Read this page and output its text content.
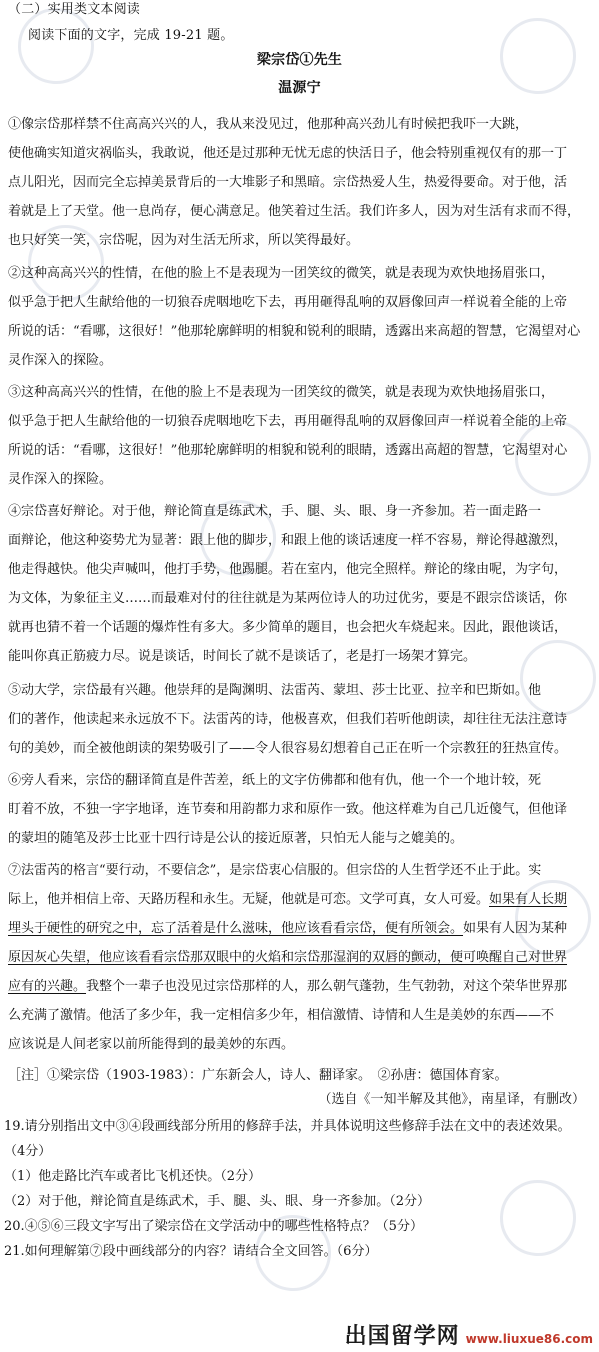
（二）实用类文本阅读
阅读下面的文字，完成 19-21 题。
梁宗岱①先生
温源宁
①像宗岱那样禁不住高高兴兴的人，我从来没见过，他那种高兴劲儿有时候把我吓一大跳，
使他确实知道灾祸临头，我敢说，他还是过那种无忧无虑的快活日子，他会特别重视仅有的那一丁
点儿阳光，因而完全忘掉美景背后的一大堆影子和黑暗。宗岱热爱人生，热爱得要命。对于他，活
着就是上了天堂。他一息尚存，便心满意足。他笑着过生活。我们许多人，因为对生活有求而不得，
也只好笑一笑，宗岱呢，因为对生活无所求，所以笑得最好。
②这种高高兴兴的性情，在他的脸上不是表现为一团笑纹的微笑，就是表现为欢快地扬眉张口，
似乎急于把人生献给他的一切狼吞虎咽地吃下去，再用砸得乱响的双唇像回声一样说着全能的上帝
所说的话：“看哪，这很好！”他那轮廓鲜明的相貌和锐利的眼睛，透露出来高超的智慧，它渴望对心
灵作深入的探险。
③这种高高兴兴的性情，在他的脸上不是表现为一团笑纹的微笑，就是表现为欢快地扬眉张口，
似乎急于把人生献给他的一切狼吞虎咽地吃下去，再用砸得乱响的双唇像回声一样说着全能的上帝
所说的话：“看哪，这很好！”他那轮廓鲜明的相貌和锐利的眼睛，透露出高超的智慧，它渴望对心
灵作深入的探险。
④宗岱喜好辩论。对于他，辩论简直是练武术，手、腿、头、眼、身一齐参加。若一面走路一
面辩论，他这种姿势尤为显著：跟上他的脚步，和跟上他的谈话速度一样不容易，辩论得越激烈，
他走得越快。他尖声喊叫，他打手势，他踢腿。若在室内，他完全照样。辩论的缘由呢，为字句，
为文体，为象征主义……而最难对付的往往就是为某两位诗人的功过优劣，要是不跟宗岱谈话，你
就再也猜不着一个话题的爆炸性有多大。多少简单的题目，也会把火车烧起来。因此，跟他谈话，
能叫你真正筋疲力尽。说是谈话，时间长了就不是谈话了，老是打一场架才算完。
⑤动大学，宗岱最有兴趣。他崇拜的是陶渊明、法雷芮、蒙坦、莎士比亚、拉辛和巴斯如。他
们的著作，他读起来永远放不下。法雷芮的诗，他极喜欢，但我们若听他朗读，却往往无法注意诗
句的美妙，而全被他朗读的架势吸引了——令人很容易幻想着自己正在听一个宗教狂的狂热宣传。
⑥旁人看来，宗岱的翻译简直是件苦差，纸上的文字仿佛都和他有仇，他一个一个地计较，死
盯着不放，不独一字字地译，连节奏和用韵都力求和原作一致。他这样难为自己几近傻气，但他译
的蒙坦的随笔及莎士比亚十四行诗是公认的接近原著，只怕无人能与之媲美的。
⑦法雷芮的格言“要行动，不要信念”，是宗岱衷心信服的。但宗岱的人生哲学还不止于此。实
际上，他并相信上帝、天路历程和永生。无疑，他就是可恋。文学可真，女人可爱。如果有人长期
埋头于硬性的研究之中，忘了活着是什么滋味，他应该看看宗岱，便有所领会。如果有人因为某种
原因灰心失望，他应该看看宗岱那双眼中的火焰和宗岱那湿润的双唇的颤动，便可唤醒自己对世界
应有的兴趣。我整个一辈子也没见过宗岱那样的人，那么朝气蓬勃，生气勃勃，对这个荣华世界那
么充满了激情。他活了多少年，我一定相信多少年，相信激情、诗情和人生是美妙的东西——不
应该说是人间老家以前所能得到的最美妙的东西。
［注］①梁宗岱（1903-1983）：广东新会人，诗人、翻译家。　②孙唐：德国体育家。
（选自《一知半解及其他》，南星译，有删改）
19.请分别指出文中③④段画线部分所用的修辞手法，并具体说明这些修辞手法在文中的表述效果。
（4分）
（1）他走路比汽车或者比飞机还快。（2分）
（2）对于他，辩论简直是练武术，手、腿、头、眼、身一齐参加。（2分）
20.④⑤⑥三段文字写出了梁宗岱在文学活动中的哪些性格特点？（5分）
21.如何理解第⑦段中画线部分的内容？请结合全文回答。（6分）
出国留学网 www.liuxue86.com
